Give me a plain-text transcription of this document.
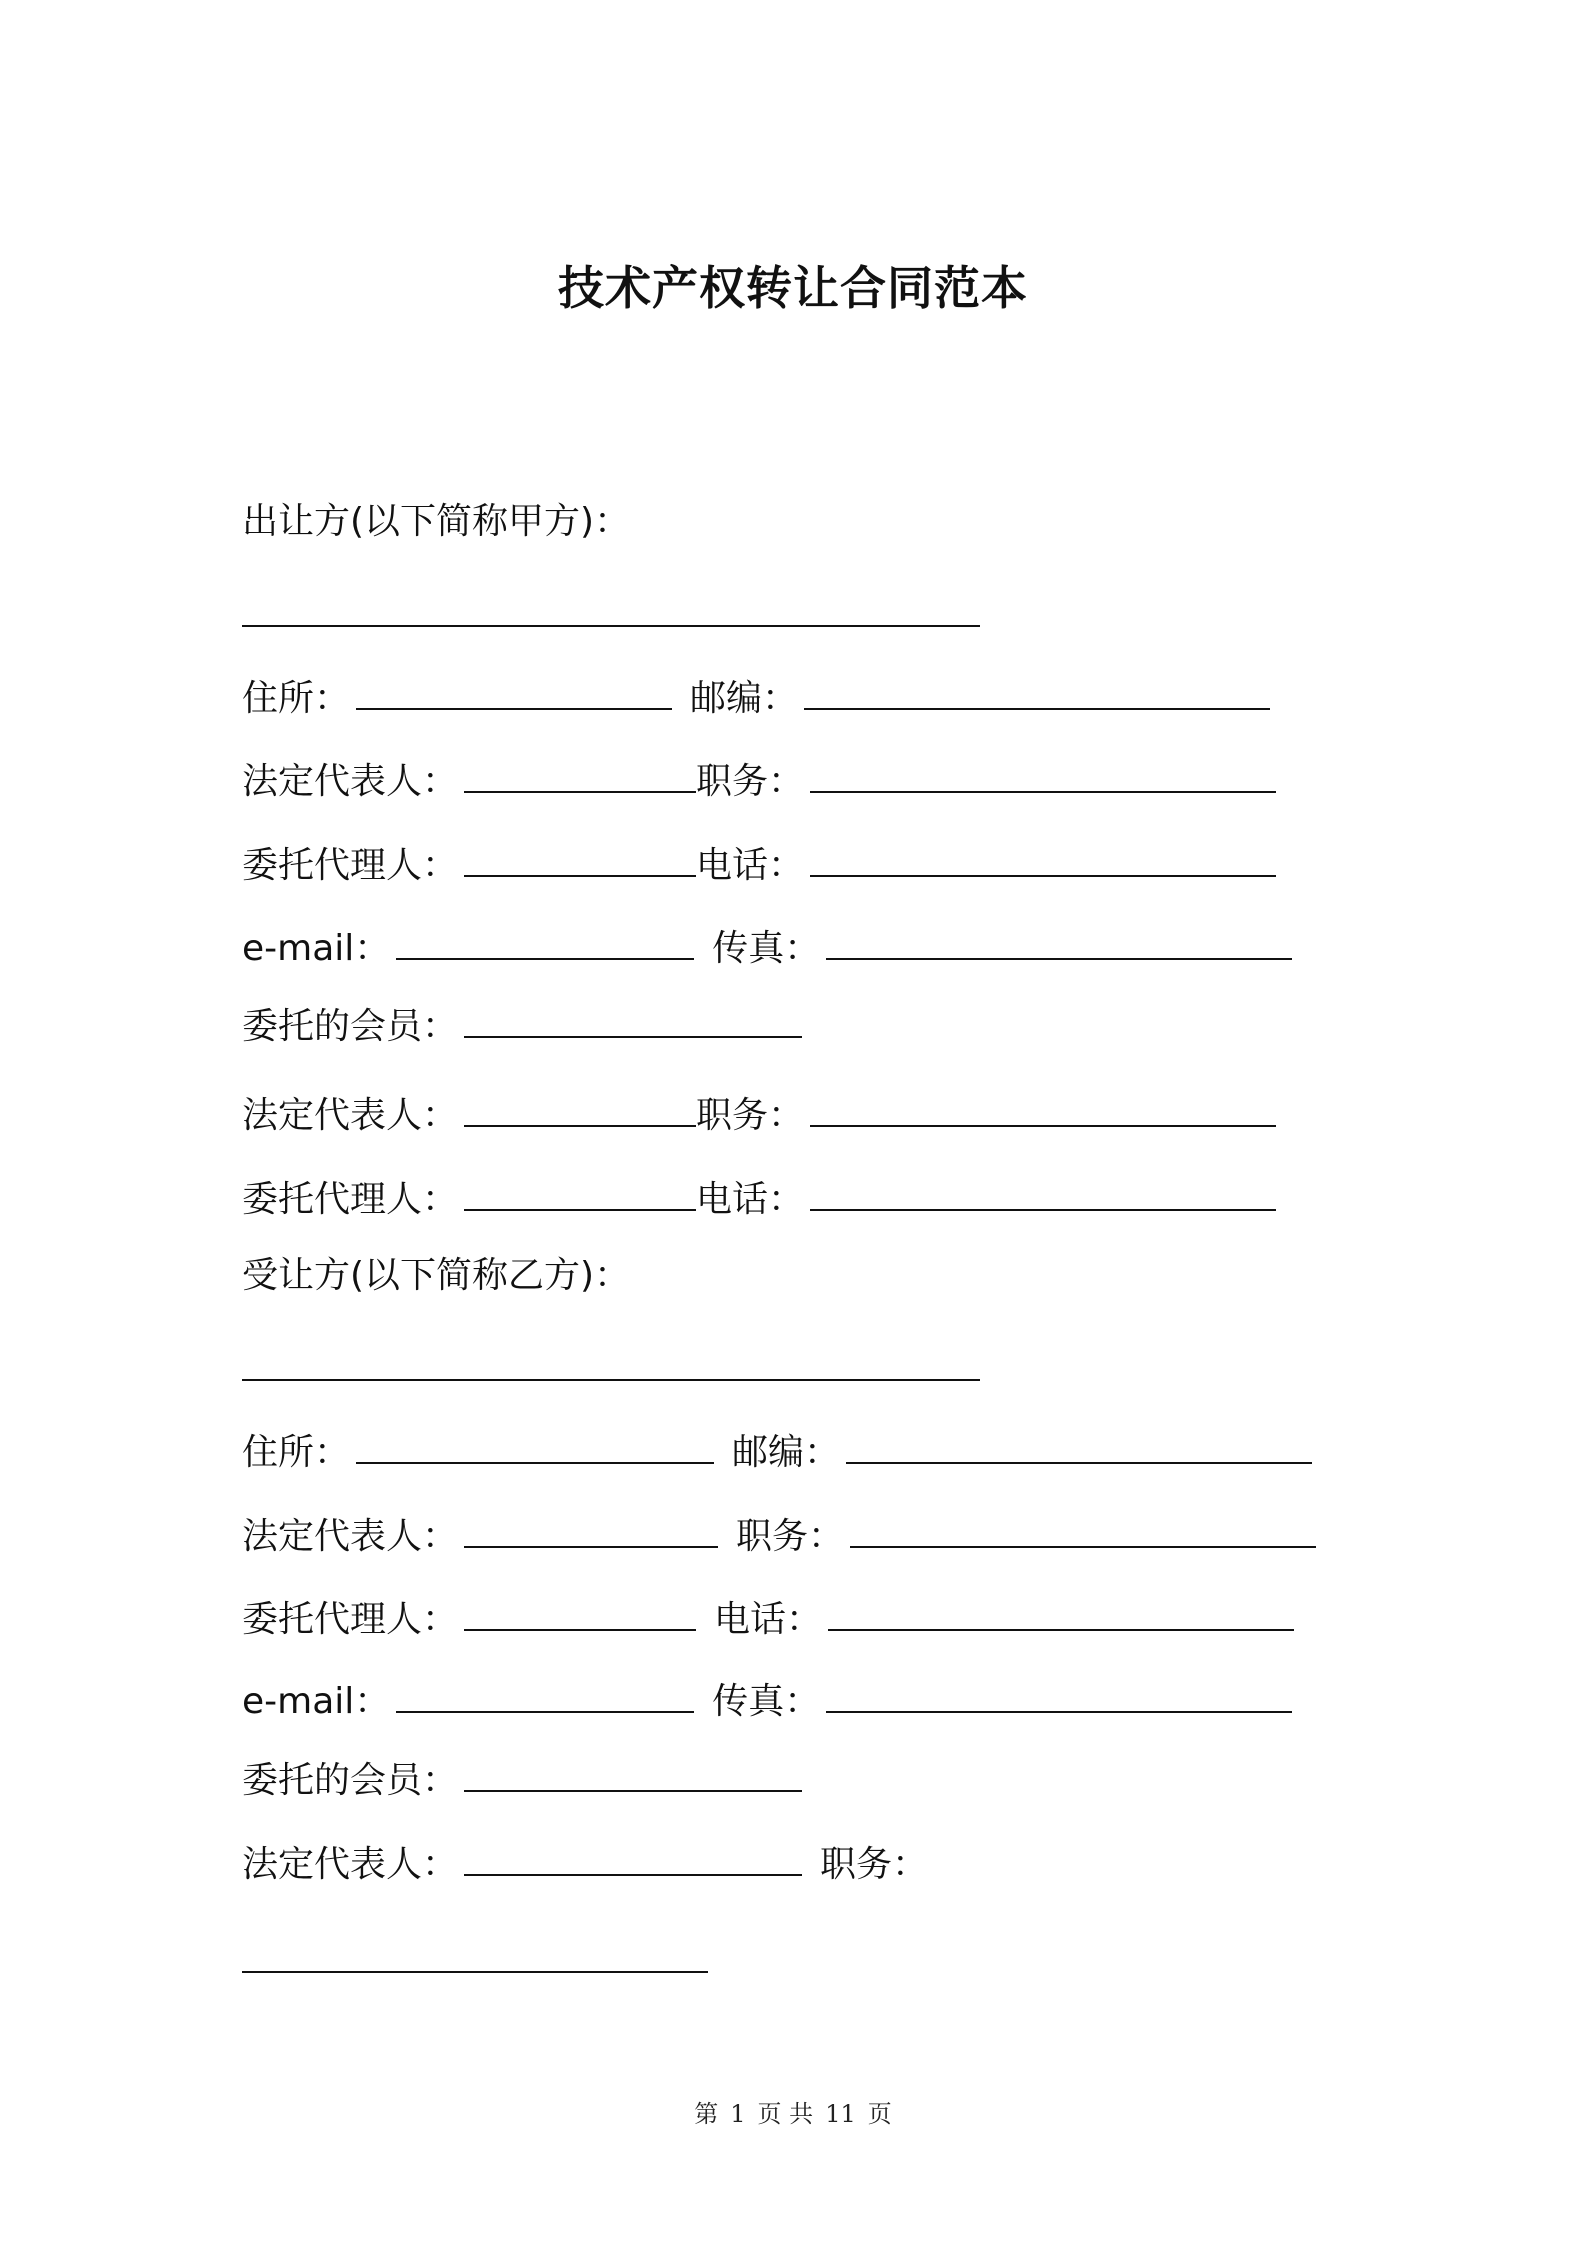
技术产权转让合同范本
出让方(以下简称甲方)：
住所：	邮编：
法定代表人：	职务：
委托代理人：	电话：
e-mail：	传真：
委托的会员：
法定代表人：	职务：
委托代理人：	电话：
受让方(以下简称乙方)：
住所：	邮编：
法定代表人：	职务：
委托代理人：	电话：
e-mail：	传真：
委托的会员：
法定代表人：	职务：
第 1 页 共 11 页
